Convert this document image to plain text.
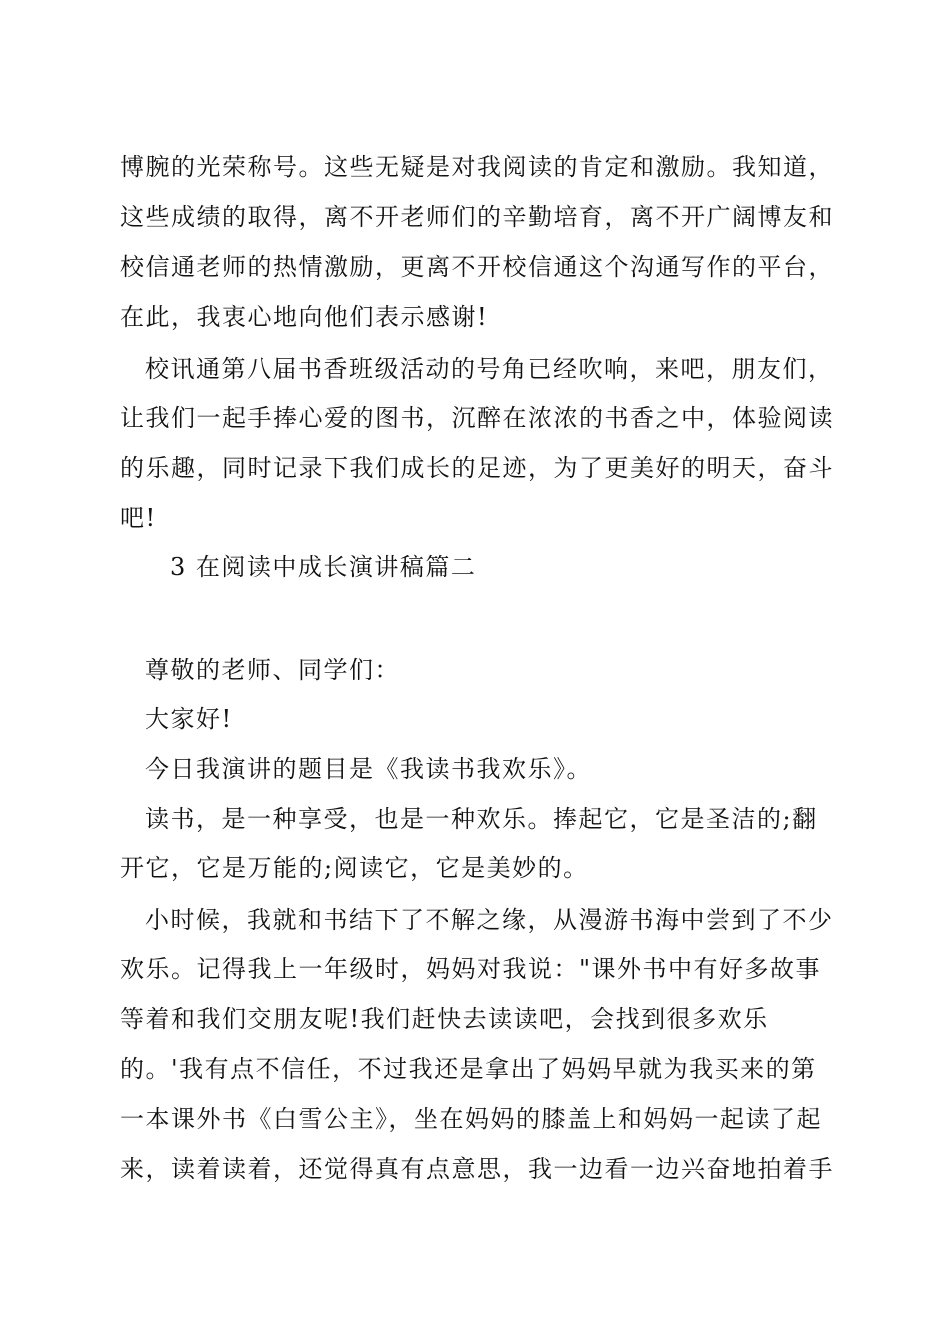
博腕的光荣称号。这些无疑是对我阅读的肯定和激励。我知道，

这些成绩的取得，离不开老师们的辛勤培育，离不开广阔博友和

校信通老师的热情激励，更离不开校信通这个沟通写作的平台，

在此，我衷心地向他们表示感谢!

校讯通第八届书香班级活动的号角已经吹响，来吧，朋友们，

让我们一起手捧心爱的图书，沉醉在浓浓的书香之中，体验阅读

的乐趣，同时记录下我们成长的足迹，为了更美好的明天，奋斗

吧!

3 在阅读中成长演讲稿篇二

尊敬的老师、同学们：

大家好!

今日我演讲的题目是《我读书我欢乐》。

读书，是一种享受，也是一种欢乐。捧起它，它是圣洁的;翻

开它，它是万能的;阅读它，它是美妙的。

小时候，我就和书结下了不解之缘，从漫游书海中尝到了不少

欢乐。记得我上一年级时，妈妈对我说："课外书中有好多故事

等着和我们交朋友呢!我们赶快去读读吧，会找到很多欢乐

的。'我有点不信任，不过我还是拿出了妈妈早就为我买来的第

一本课外书《白雪公主》，坐在妈妈的膝盖上和妈妈一起读了起

来，读着读着，还觉得真有点意思，我一边看一边兴奋地拍着手
